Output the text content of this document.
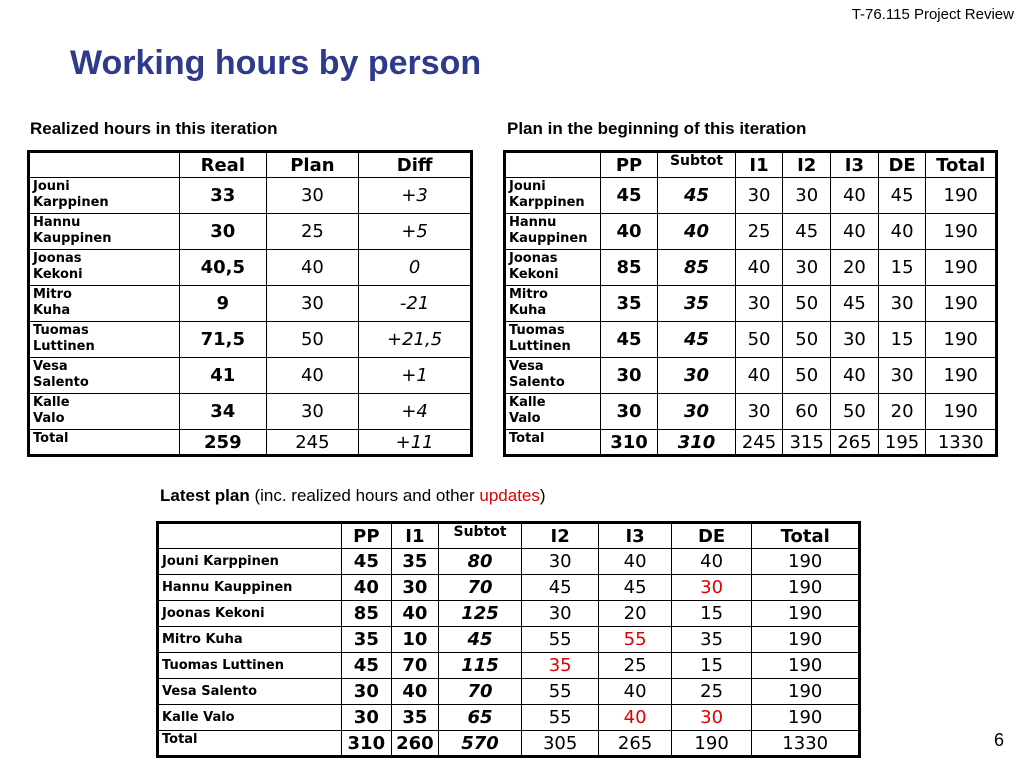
T-76.115 Project Review
Working hours by person
Realized hours in this iteration	Plan in the beginning of this iteration
	Real	Plan	Diff
Jouni
Karppinen	33	30	+3
Hannu
Kauppinen	30	25	+5
Joonas
Kekoni	40,5	40	0
Mitro
Kuha	9	30	-21
Tuomas
Luttinen	71,5	50	+21,5
Vesa
Salento	41	40	+1
Kalle
Valo	34	30	+4
Total	259	245	+11
	PP	Subtot	I1	I2	I3	DE	Total
Jouni
Karppinen	45	45	30	30	40	45	190
Hannu
Kauppinen	40	40	25	45	40	40	190
Joonas
Kekoni	85	85	40	30	20	15	190
Mitro
Kuha	35	35	30	50	45	30	190
Tuomas
Luttinen	45	45	50	50	30	15	190
Vesa
Salento	30	30	40	50	40	30	190
Kalle
Valo	30	30	30	60	50	20	190
Total	310	310	245	315	265	195	1330
Latest plan (inc. realized hours and other updates)
	PP	I1	Subtot	I2	I3	DE	Total
Jouni Karppinen	45	35	80	30	40	40	190
Hannu Kauppinen	40	30	70	45	45	30	190
Joonas Kekoni	85	40	125	30	20	15	190
Mitro Kuha	35	10	45	55	55	35	190
Tuomas Luttinen	45	70	115	35	25	15	190
Vesa Salento	30	40	70	55	40	25	190
Kalle Valo	30	35	65	55	40	30	190
Total	310	260	570	305	265	190	1330	6
